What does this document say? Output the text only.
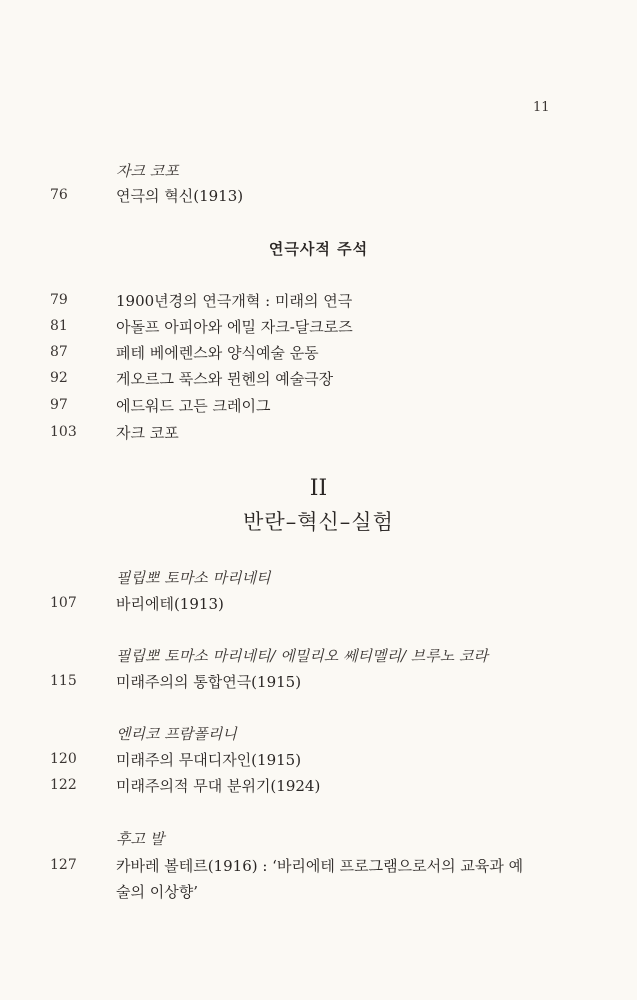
11
자크 코포
76	연극의 혁신(1913)
연극사적 주석
79	1900년경의 연극개혁 : 미래의 연극
81	아돌프 아피아와 에밀 자크-달크로즈
87	페테 베에렌스와 양식예술 운동
92	게오르그 푹스와 뮌헨의 예술극장
97	에드워드 고든 크레이그
103	자크 코포
II
반란–혁신–실험
필립뽀 토마소 마리네티
107	바리에테(1913)
필립뽀 토마소 마리네티/ 에밀리오 쎄티멜리/ 브루노 코라
115	미래주의의 통합연극(1915)
엔리코 프람폴리니
120	미래주의 무대디자인(1915)
122	미래주의적 무대 분위기(1924)
후고 발
127	카바레 볼테르(1916) : ‘바리에테 프로그램으로서의 교육과 예술의 이상향’
